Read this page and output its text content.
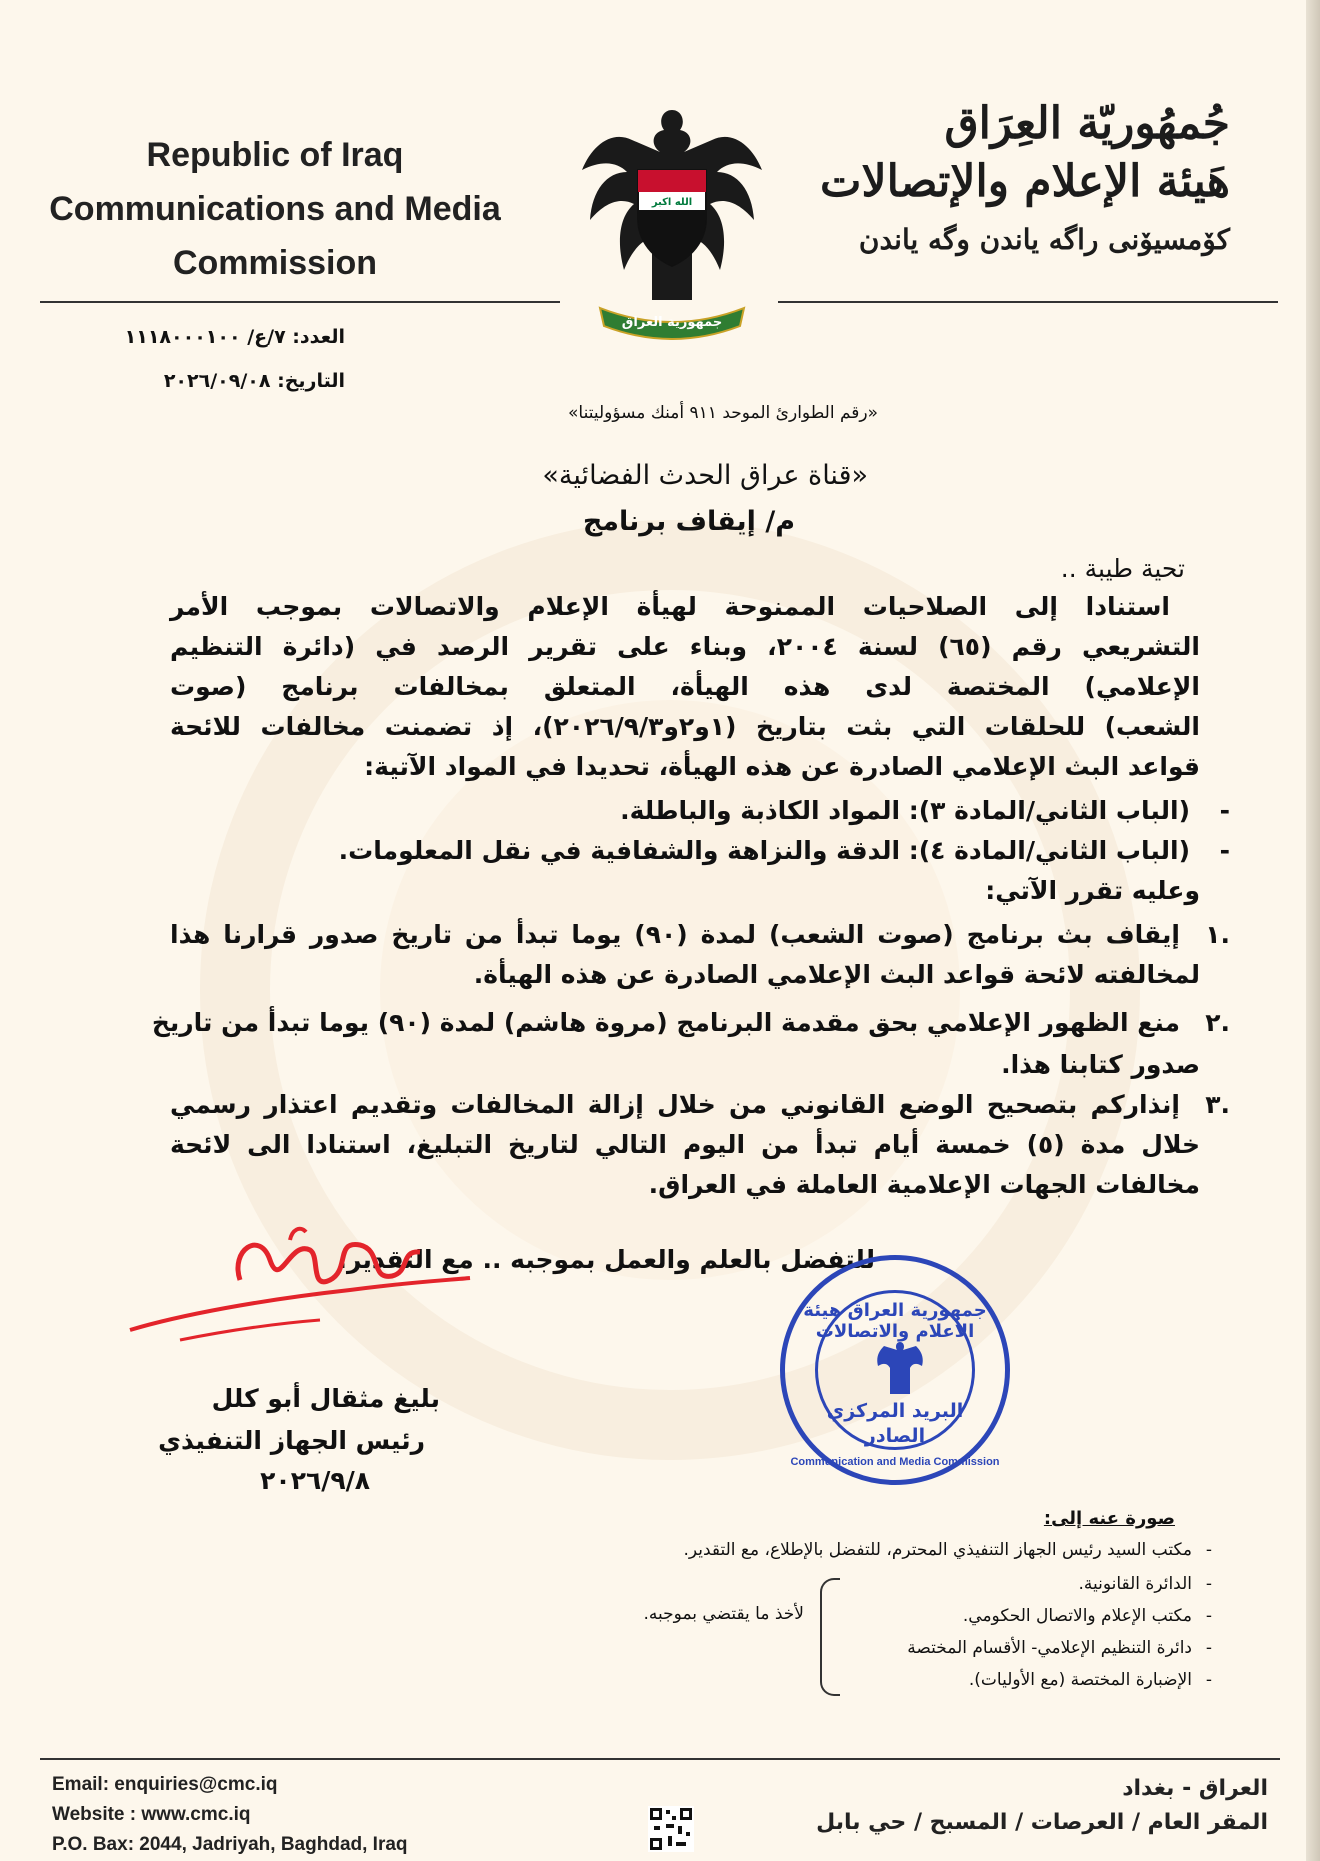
Republic of Iraq
Communications and Media
Commission
الله اكبر
جمهورية العراق
جُمهُوريّة العِرَاق
هَيئة الإعلام والإتصالات
كۆمسيۆنى راگە ياندن وگە ياندن
العدد: ٧/ع/ ١١١٨٠٠٠١٠٠
التاريخ: ٢٠٢٦/٠٩/٠٨
«رقم الطوارئ الموحد ٩١١ أمنك مسؤوليتنا»
«قناة عراق الحدث الفضائية»
م/ إيقاف برنامج
تحية طيبة ..
استنادا إلى الصلاحيات الممنوحة لهيأة الإعلام والاتصالات بموجب الأمر
التشريعي رقم (٦٥) لسنة ٢٠٠٤، وبناء على تقرير الرصد في (دائرة التنظيم
الإعلامي) المختصة لدى هذه الهيأة، المتعلق بمخالفات برنامج (صوت
الشعب) للحلقات التي بثت بتاريخ (١و٢و٢٠٢٦/٩/٣)، إذ تضمنت مخالفات للائحة
قواعد البث الإعلامي الصادرة عن هذه الهيأة، تحديدا في المواد الآتية:
-
(الباب الثاني/المادة ٣): المواد الكاذبة والباطلة.
-
(الباب الثاني/المادة ٤): الدقة والنزاهة والشفافية في نقل المعلومات.
وعليه تقرر الآتي:
.١
إيقاف بث برنامج (صوت الشعب) لمدة (٩٠) يوما تبدأ من تاريخ صدور قرارنا هذا
لمخالفته لائحة قواعد البث الإعلامي الصادرة عن هذه الهيأة.
.٢
منع الظهور الإعلامي بحق مقدمة البرنامج (مروة هاشم) لمدة (٩٠) يوما تبدأ من تاريخ
صدور كتابنا هذا.
.٣
إنذاركم بتصحيح الوضع القانوني من خلال إزالة المخالفات وتقديم اعتذار رسمي
خلال مدة (٥) خمسة أيام تبدأ من اليوم التالي لتاريخ التبليغ، استنادا الى لائحة
مخالفات الجهات الإعلامية العاملة في العراق.
للتفضل بالعلم والعمل بموجبه .. مع التقدير.
بليغ مثقال أبو كلل
رئيس الجهاز التنفيذي
٢٠٢٦/٩/٨
جمهورية العراق هيئة الاعلام والاتصالات
البريد المركزي
الصادر
Communication and Media Commission
صورة عنه إلى:
-
مكتب السيد رئيس الجهاز التنفيذي المحترم، للتفضل بالإطلاع، مع التقدير.
-
الدائرة القانونية.
-
مكتب الإعلام والاتصال الحكومي.
-
دائرة التنظيم الإعلامي- الأقسام المختصة
-
الإضبارة المختصة (مع الأوليات).
لأخذ ما يقتضي بموجبه.
Email: enquiries@cmc.iq
Website : www.cmc.iq
P.O. Bax: 2044, Jadriyah, Baghdad, Iraq
العراق - بغداد
المقر العام / العرصات / المسبح / حي بابل
